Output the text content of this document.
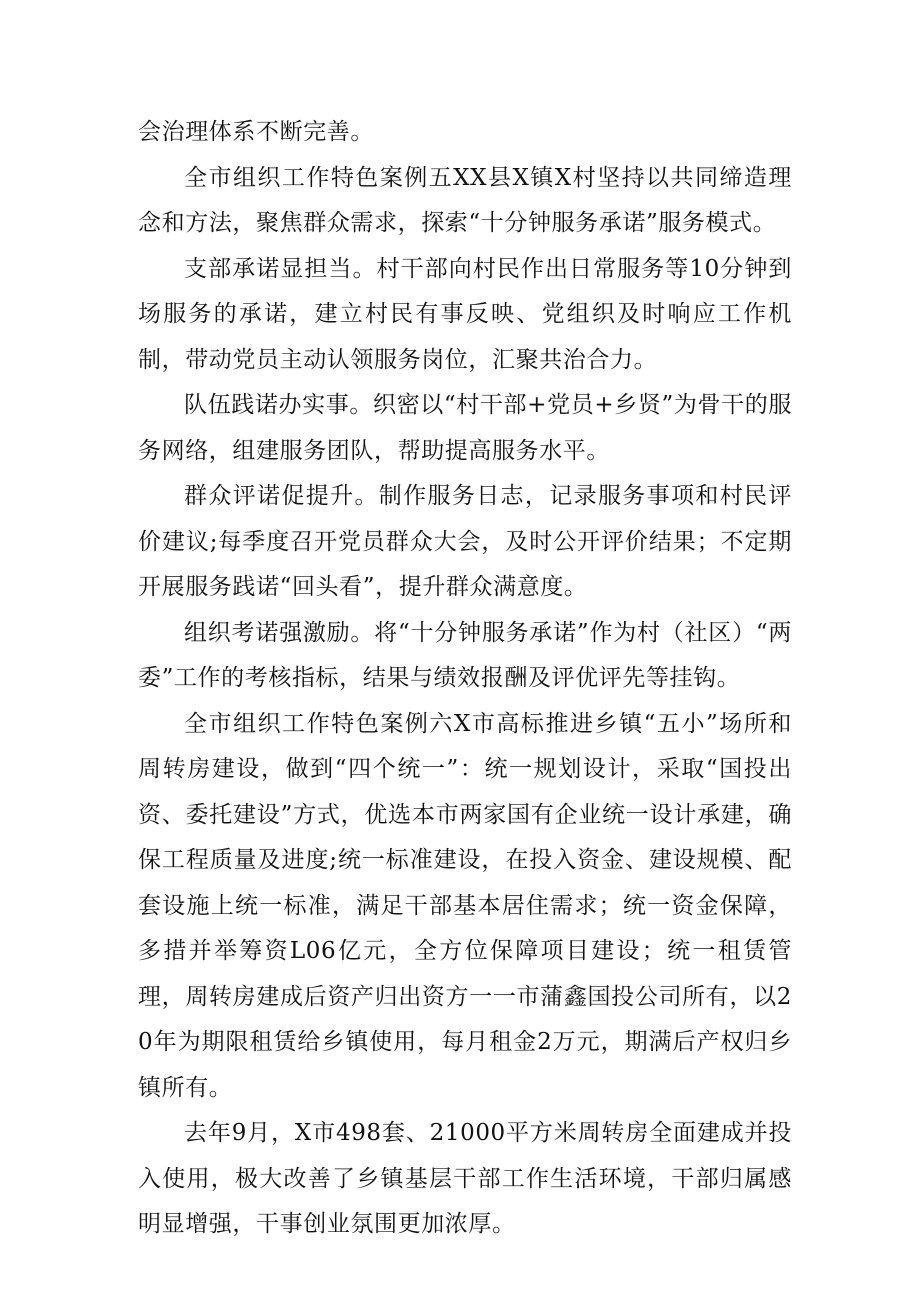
会治理体系不断完善。

全市组织工作特色案例五XX县X镇X村坚持以共同缔造理念和方法，聚焦群众需求，探索“十分钟服务承诺”服务模式。

支部承诺显担当。村干部向村民作出日常服务等10分钟到场服务的承诺，建立村民有事反映、党组织及时响应工作机制，带动党员主动认领服务岗位，汇聚共治合力。

队伍践诺办实事。织密以“村干部+党员+乡贤”为骨干的服务网络，组建服务团队，帮助提高服务水平。

群众评诺促提升。制作服务日志，记录服务事项和村民评价建议;每季度召开党员群众大会，及时公开评价结果；不定期开展服务践诺“回头看”，提升群众满意度。

组织考诺强激励。将“十分钟服务承诺”作为村（社区）“两委”工作的考核指标，结果与绩效报酬及评优评先等挂钩。

全市组织工作特色案例六X市高标推进乡镇“五小”场所和周转房建设，做到“四个统一”：统一规划设计，采取“国投出资、委托建设”方式，优选本市两家国有企业统一设计承建，确保工程质量及进度;统一标准建设，在投入资金、建设规模、配套设施上统一标准，满足干部基本居住需求；统一资金保障，多措并举筹资L06亿元，全方位保障项目建设；统一租赁管理，周转房建成后资产归出资方一一市蒲鑫国投公司所有，以20年为期限租赁给乡镇使用，每月租金2万元，期满后产权归乡镇所有。

去年9月，X市498套、21000平方米周转房全面建成并投入使用，极大改善了乡镇基层干部工作生活环境，干部归属感明显增强，干事创业氛围更加浓厚。
